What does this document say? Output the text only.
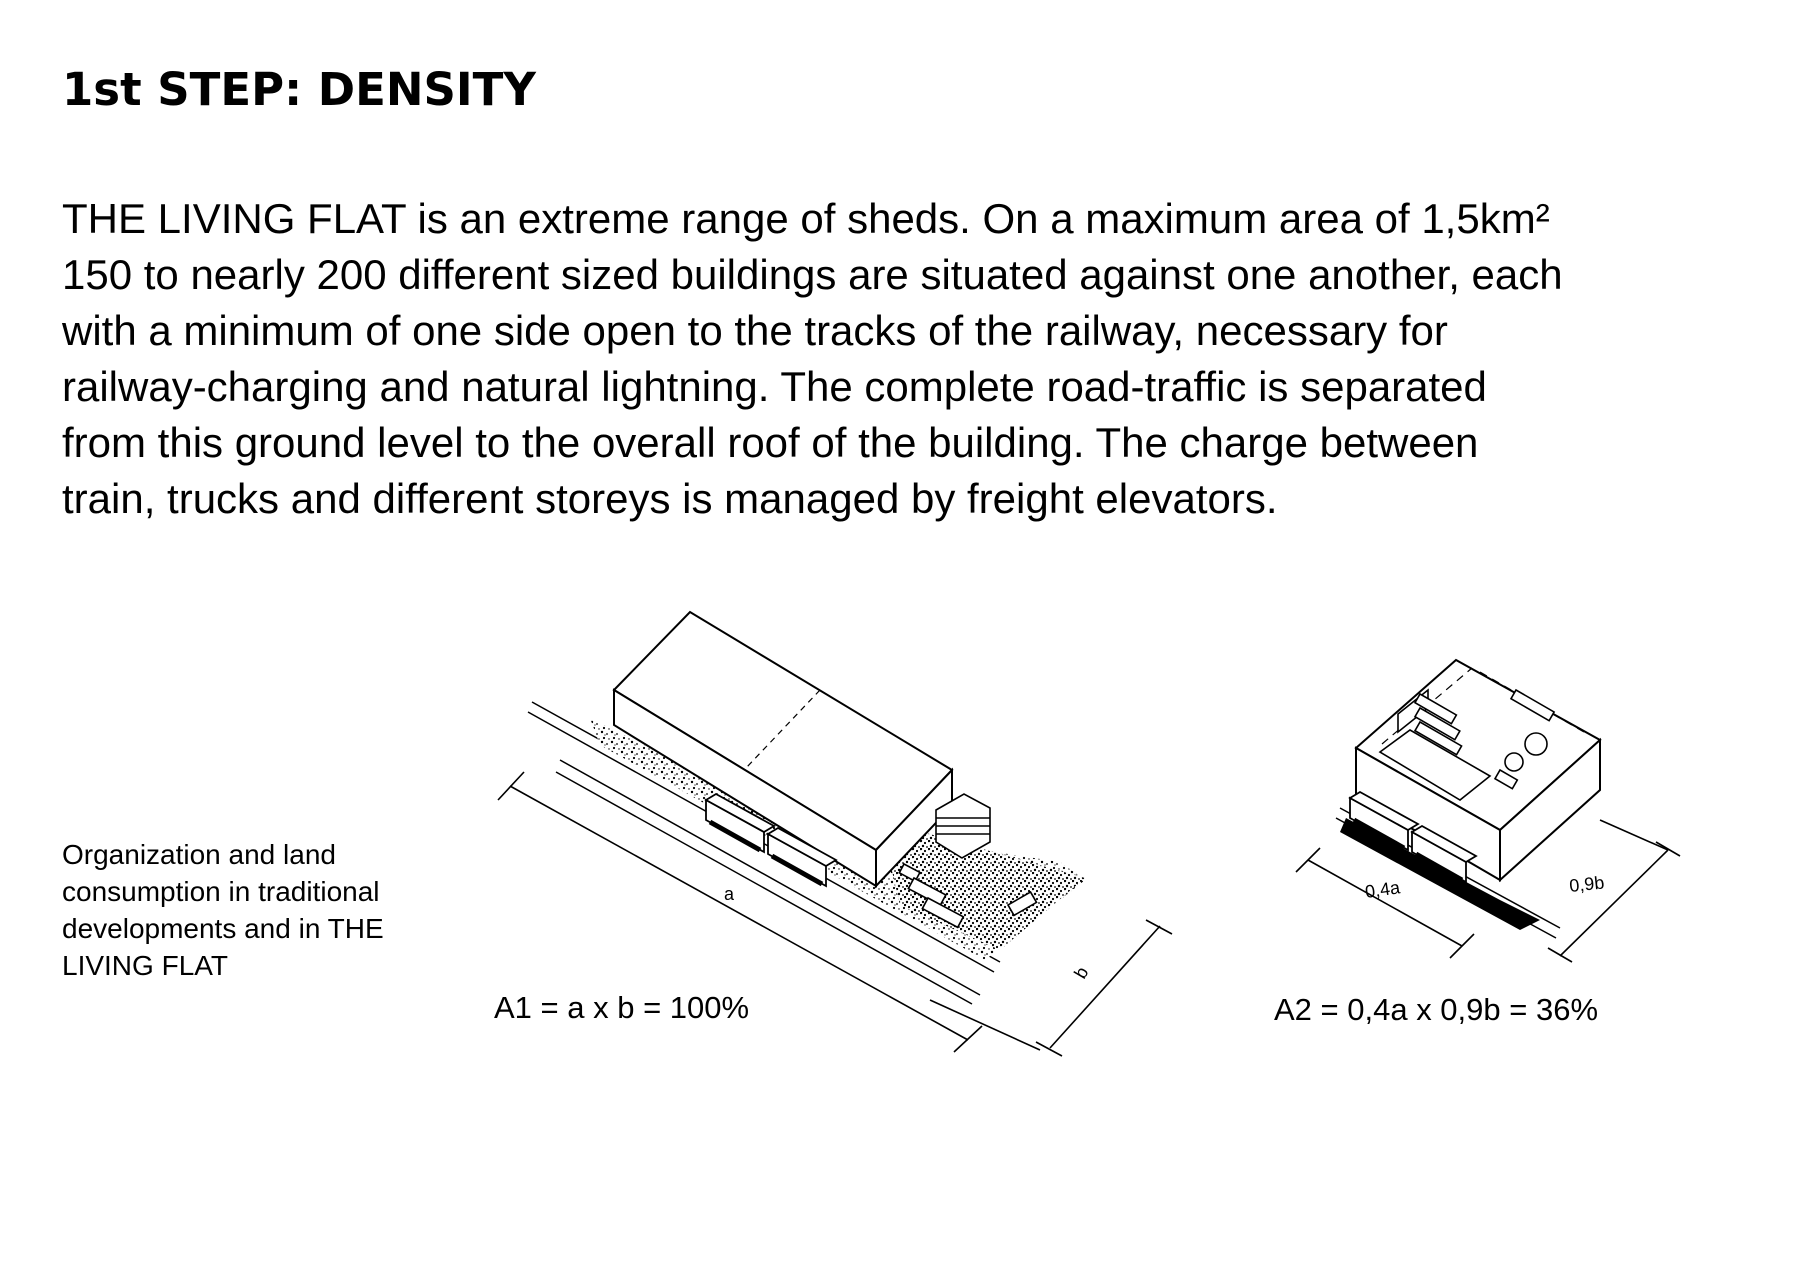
1st STEP: DENSITY

THE LIVING FLAT is an extreme range of sheds. On a maximum area of 1,5km²
150 to nearly 200 different sized buildings are situated against one another, each
with a minimum of one side open to the tracks of the railway, necessary for
railway-charging and natural lightning. The complete road-traffic is separated
from this ground level to the overall roof of the building. The charge between
train, trucks and different storeys is managed by freight elevators.

Organization and land
consumption in traditional
developments and in THE
LIVING FLAT

a
b
A1 = a x b = 100%
0,4a	0,9b
A2 = 0,4a x 0,9b = 36%
